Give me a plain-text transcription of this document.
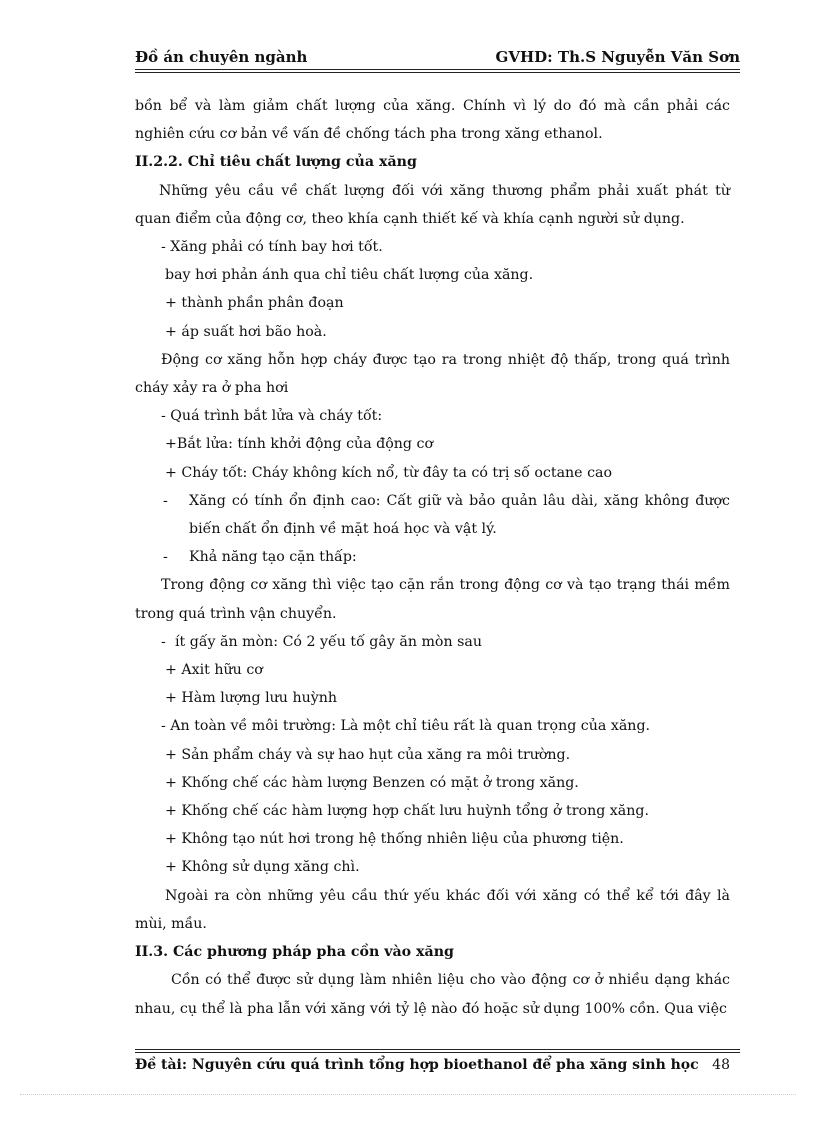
Đồ án chuyên ngành	GVHD: Th.S Nguyễn Văn Sơn

bồn bể và làm giảm chất lượng của xăng. Chính vì lý do đó mà cần phải các nghiên cứu cơ bản về vấn đề chống tách pha trong xăng ethanol.

II.2.2. Chỉ tiêu chất lượng của xăng

Những yêu cầu về chất lượng đối với xăng thương phẩm phải xuất phát từ quan điểm của động cơ, theo khía cạnh thiết kế và khía cạnh người sử dụng.

- Xăng phải có tính bay hơi tốt.

bay hơi phản ánh qua chỉ tiêu chất lượng của xăng.

+ thành phần phân đoạn

+ áp suất hơi bão hoà.

Động cơ xăng hỗn hợp cháy được tạo ra trong nhiệt độ thấp, trong quá trình cháy xảy ra ở pha hơi

- Quá trình bắt lửa và cháy tốt:

+Bắt lửa: tính khởi động của động cơ

+ Cháy tốt: Cháy không kích nổ, từ đây ta có trị số octane cao

-	Xăng có tính ổn định cao: Cất giữ và bảo quản lâu dài, xăng không được biến chất ổn định về mặt hoá học và vật lý.
-	Khả năng tạo cặn thấp:

Trong động cơ xăng thì việc tạo cặn rắn trong động cơ và tạo trạng thái mềm trong quá trình vận chuyển.

- ít gấy ăn mòn: Có 2 yếu tố gây ăn mòn sau

+ Axit hữu cơ

+ Hàm lượng lưu huỳnh

- An toàn về môi trường: Là một chỉ tiêu rất là quan trọng của xăng.

+ Sản phẩm cháy và sự hao hụt của xăng ra môi trường.

+ Khống chế các hàm lượng Benzen có mặt ở trong xăng.

+ Khống chế các hàm lượng hợp chất lưu huỳnh tổng ở trong xăng.

+ Không tạo nút hơi trong hệ thống nhiên liệu của phương tiện.

+ Không sử dụng xăng chì.

Ngoài ra còn những yêu cầu thứ yếu khác đối với xăng có thể kể tới đây là mùi, mầu.

II.3. Các phương pháp pha cồn vào xăng

Cồn có thể được sử dụng làm nhiên liệu cho vào động cơ ở nhiều dạng khác nhau, cụ thể là pha lẫn với xăng với tỷ lệ nào đó hoặc sử dụng 100% cồn. Qua việc

Đề tài: Nguyên cứu quá trình tổng hợp bioethanol để pha xăng sinh học 48
